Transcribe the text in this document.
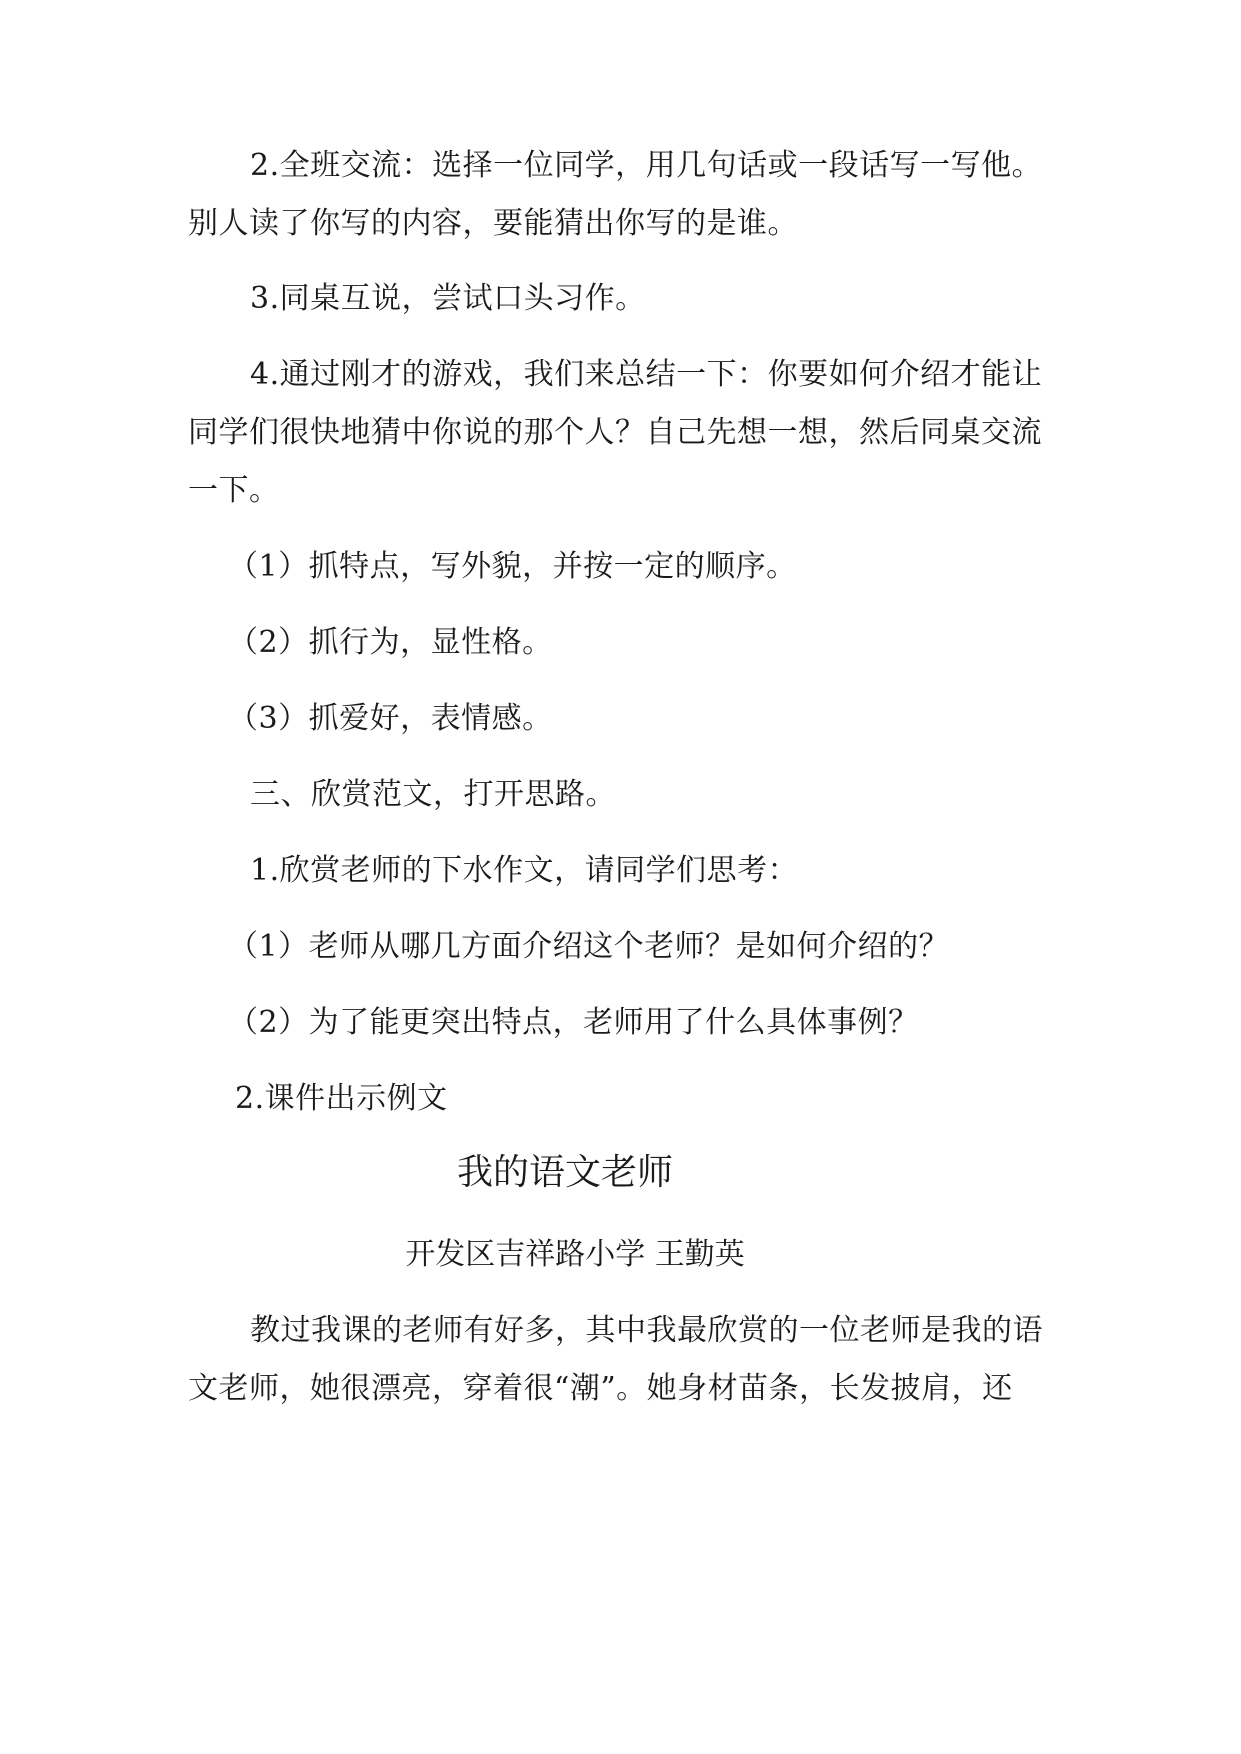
2.全班交流：选择一位同学，用几句话或一段话写一写他。
别人读了你写的内容，要能猜出你写的是谁。
3.同桌互说，尝试口头习作。
4.通过刚才的游戏，我们来总结一下：你要如何介绍才能让
同学们很快地猜中你说的那个人？自己先想一想，然后同桌交流
一下。
（1）抓特点，写外貌，并按一定的顺序。
（2）抓行为，显性格。
（3）抓爱好，表情感。
三、欣赏范文，打开思路。
1.欣赏老师的下水作文，请同学们思考：
（1）老师从哪几方面介绍这个老师？是如何介绍的？
（2）为了能更突出特点，老师用了什么具体事例？
2.课件出示例文
我的语文老师
开发区吉祥路小学 王勤英
教过我课的老师有好多，其中我最欣赏的一位老师是我的语
文老师，她很漂亮，穿着很“潮”。她身材苗条，长发披肩，还
